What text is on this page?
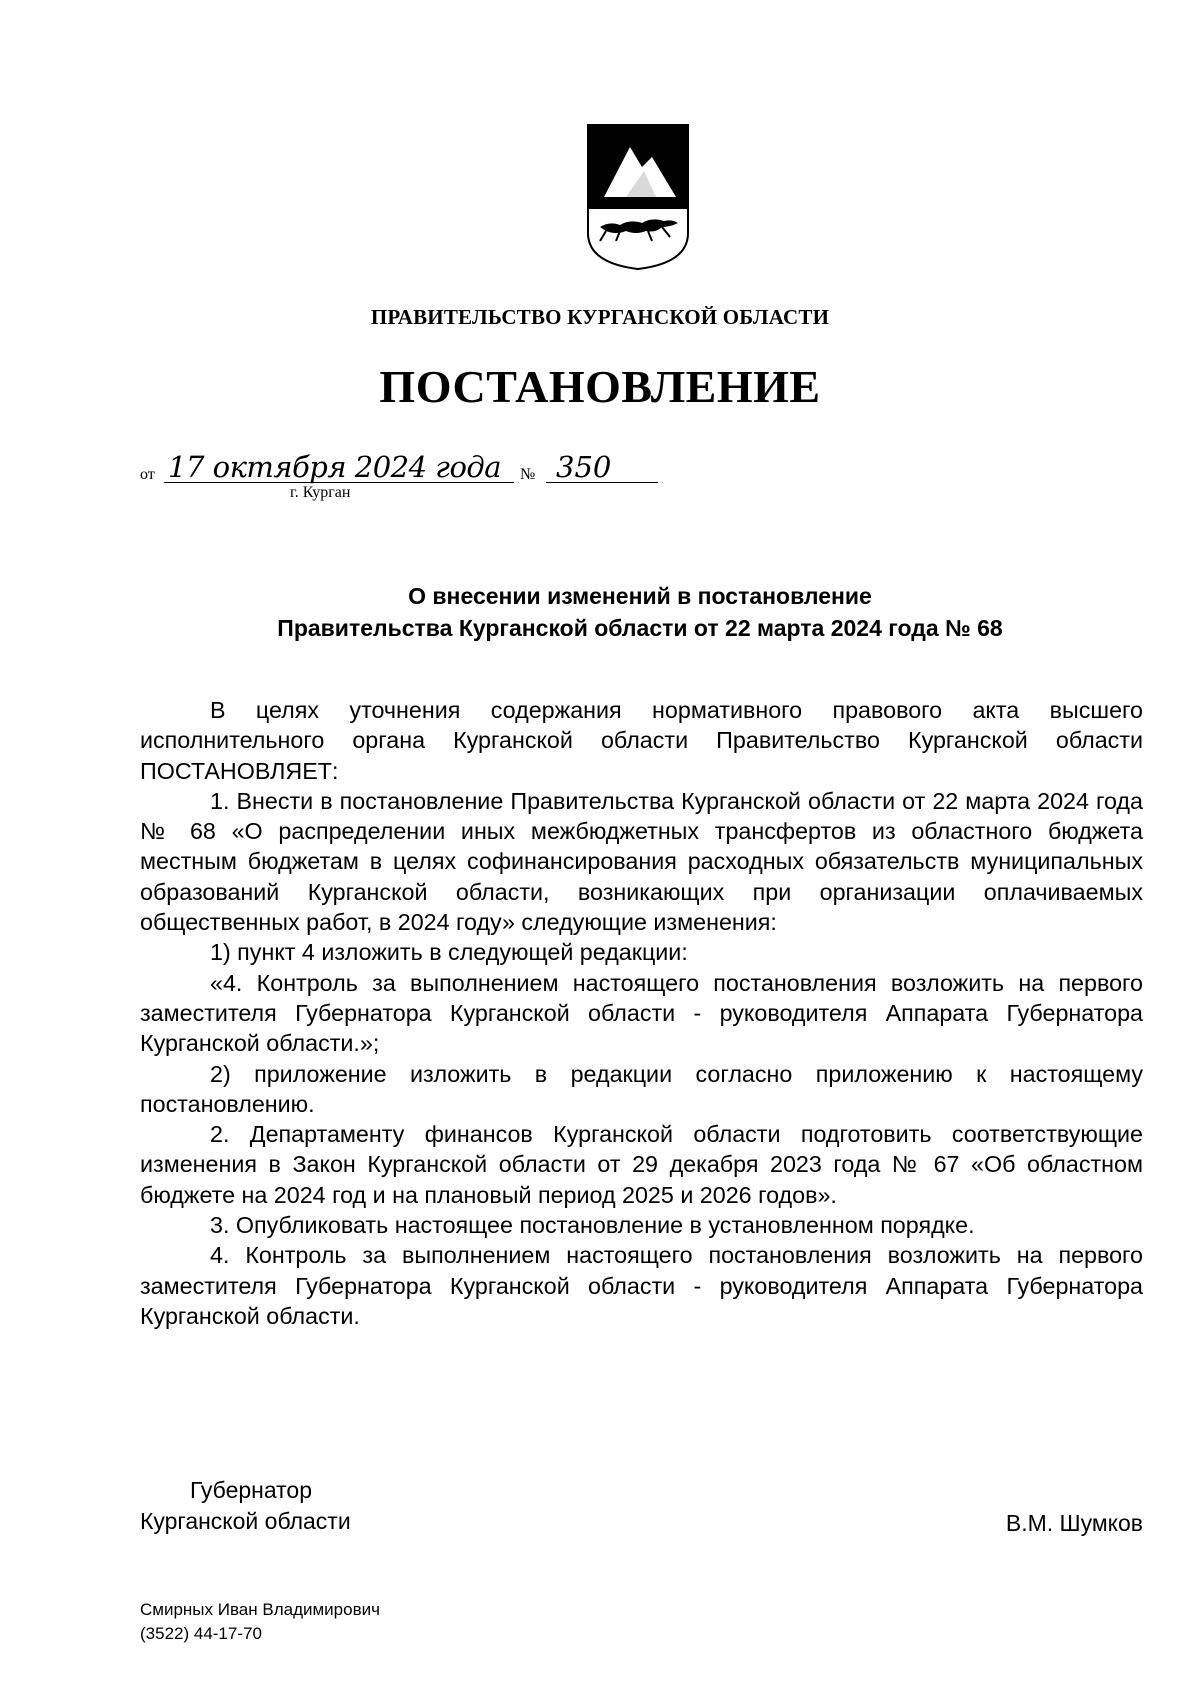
ПРАВИТЕЛЬСТВО КУРГАНСКОЙ ОБЛАСТИ
ПОСТАНОВЛЕНИЕ
от 17 октября 2024 года № 350
г. Курган
О внесении изменений в постановление
Правительства Курганской области от 22 марта 2024 года № 68

В целях уточнения содержания нормативного правового акта высшего исполнительного органа Курганской области Правительство Курганской области ПОСТАНОВЛЯЕТ:

1. Внести в постановление Правительства Курганской области от 22 марта 2024 года № 68 «О распределении иных межбюджетных трансфертов из областного бюджета местным бюджетам в целях софинансирования расходных обязательств муниципальных образований Курганской области, возникающих при организации оплачиваемых общественных работ, в 2024 году» следующие изменения:

1) пункт 4 изложить в следующей редакции:

«4. Контроль за выполнением настоящего постановления возложить на первого заместителя Губернатора Курганской области - руководителя Аппарата Губернатора Курганской области.»;

2) приложение изложить в редакции согласно приложению к настоящему постановлению.

2. Департаменту финансов Курганской области подготовить соответствующие изменения в Закон Курганской области от 29 декабря 2023 года № 67 «Об областном бюджете на 2024 год и на плановый период 2025 и 2026 годов».

3. Опубликовать настоящее постановление в установленном порядке.

4. Контроль за выполнением настоящего постановления возложить на первого заместителя Губернатора Курганской области - руководителя Аппарата Губернатора Курганской области.

Губернатор
Курганской области	В.М. Шумков
Смирных Иван Владимирович
(3522) 44-17-70
